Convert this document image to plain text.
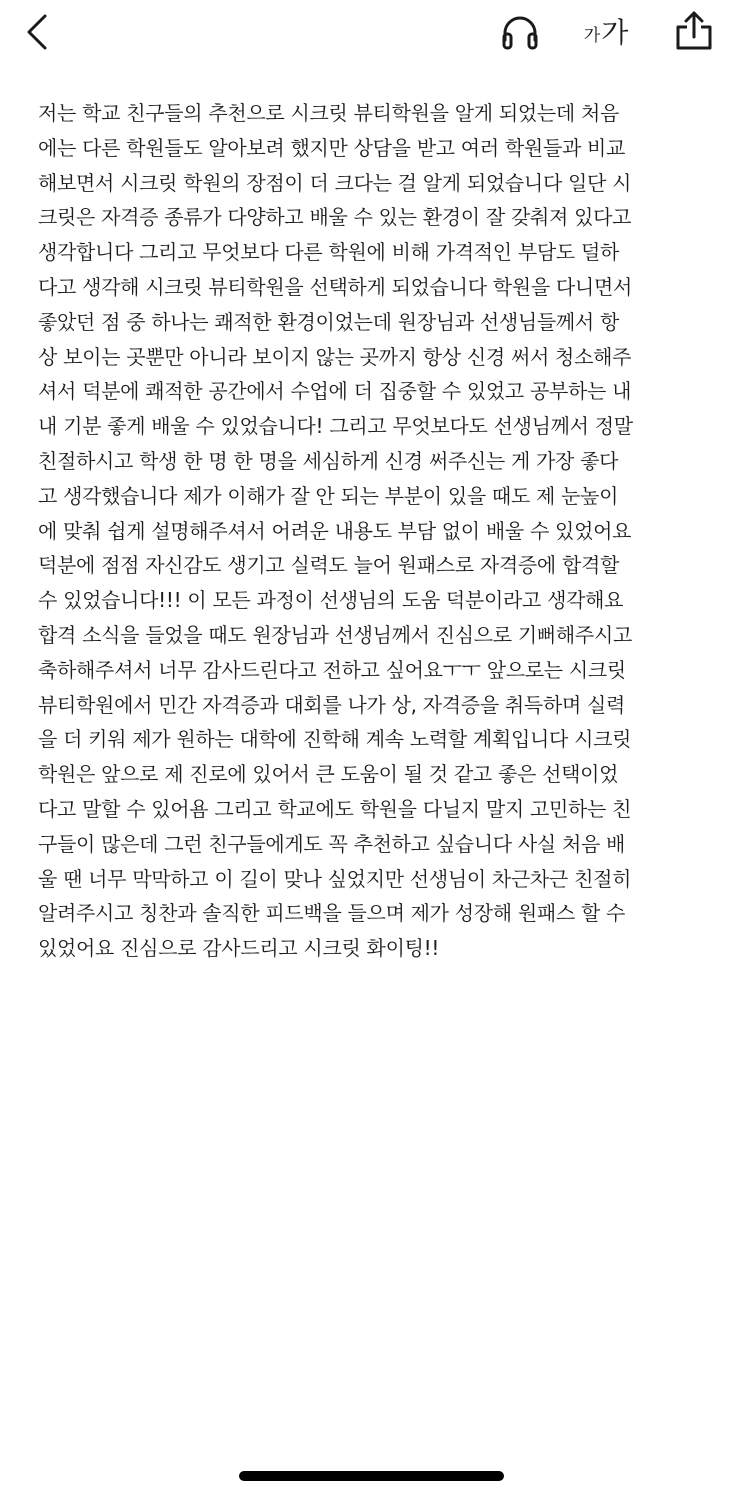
가 가
저는 학교 친구들의 추천으로 시크릿 뷰티학원을 알게 되었는데 처음
에는 다른 학원들도 알아보려 했지만 상담을 받고 여러 학원들과 비교
해보면서 시크릿 학원의 장점이 더 크다는 걸 알게 되었습니다 일단 시
크릿은 자격증 종류가 다양하고 배울 수 있는 환경이 잘 갖춰져 있다고
생각합니다 그리고 무엇보다 다른 학원에 비해 가격적인 부담도 덜하
다고 생각해 시크릿 뷰티학원을 선택하게 되었습니다 학원을 다니면서
좋았던 점 중 하나는 쾌적한 환경이었는데 원장님과 선생님들께서 항
상 보이는 곳뿐만 아니라 보이지 않는 곳까지 항상 신경 써서 청소해주
셔서 덕분에 쾌적한 공간에서 수업에 더 집중할 수 있었고 공부하는 내
내 기분 좋게 배울 수 있었습니다! 그리고 무엇보다도 선생님께서 정말
친절하시고 학생 한 명 한 명을 세심하게 신경 써주신는 게 가장 좋다
고 생각했습니다 제가 이해가 잘 안 되는 부분이 있을 때도 제 눈높이
에 맞춰 쉽게 설명해주셔서 어려운 내용도 부담 없이 배울 수 있었어요
덕분에 점점 자신감도 생기고 실력도 늘어 원패스로 자격증에 합격할
수 있었습니다!!! 이 모든 과정이 선생님의 도움 덕분이라고 생각해요
합격 소식을 들었을 때도 원장님과 선생님께서 진심으로 기뻐해주시고
축하해주셔서 너무 감사드린다고 전하고 싶어요ㅜㅜ 앞으로는 시크릿
뷰티학원에서 민간 자격증과 대회를 나가 상, 자격증을 취득하며 실력
을 더 키워 제가 원하는 대학에 진학해 계속 노력할 계획입니다 시크릿
학원은 앞으로 제 진로에 있어서 큰 도움이 될 것 같고 좋은 선택이었
다고 말할 수 있어욤 그리고 학교에도 학원을 다닐지 말지 고민하는 친
구들이 많은데 그런 친구들에게도 꼭 추천하고 싶습니다 사실 처음 배
울 땐 너무 막막하고 이 길이 맞나 싶었지만 선생님이 차근차근 친절히
알려주시고 칭찬과 솔직한 피드백을 들으며 제가 성장해 원패스 할 수
있었어요 진심으로 감사드리고 시크릿 화이팅!!
